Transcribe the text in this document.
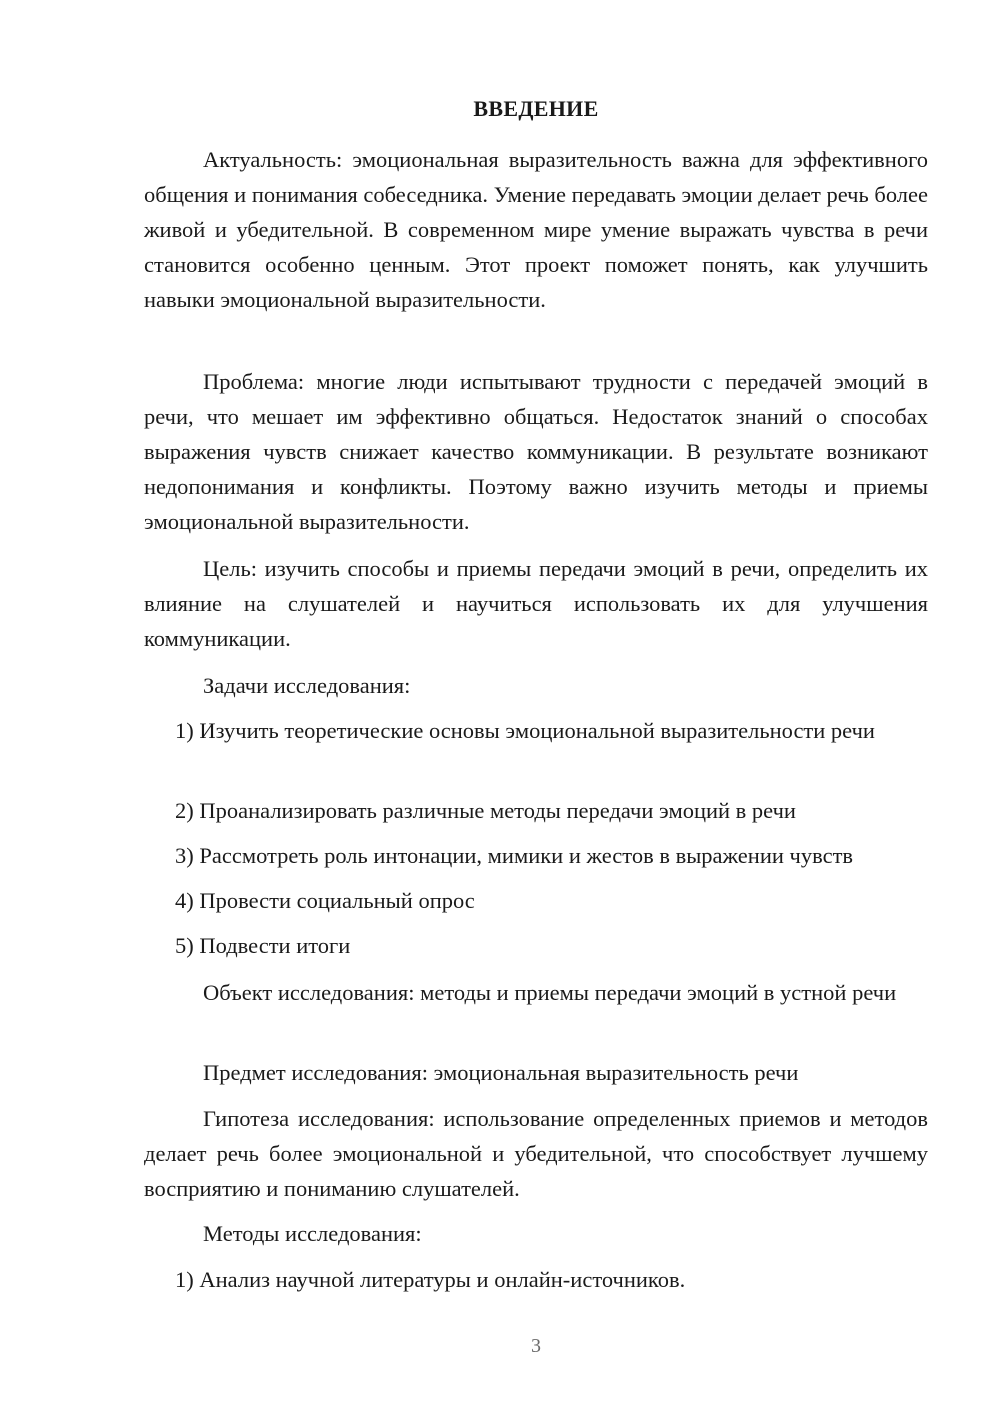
ВВЕДЕНИЕ

Актуальность: эмоциональная выразительность важна для эффективного общения и понимания собеседника. Умение передавать эмоции делает речь более живой и убедительной. В современном мире умение выражать чувства в речи становится особенно ценным. Этот проект поможет понять, как улучшить навыки эмоциональной выразительности.

Проблема: многие люди испытывают трудности с передачей эмоций в речи, что мешает им эффективно общаться. Недостаток знаний о способах выражения чувств снижает качество коммуникации. В результате возникают недопонимания и конфликты. Поэтому важно изучить методы и приемы эмоциональной выразительности.

Цель: изучить способы и приемы передачи эмоций в речи, определить их влияние на слушателей и научиться использовать их для улучшения коммуникации.

Задачи исследования:

1) Изучить теоретические основы эмоциональной выразительности речи

2) Проанализировать различные методы передачи эмоций в речи

3) Рассмотреть роль интонации, мимики и жестов в выражении чувств

4) Провести социальный опрос

5) Подвести итоги

Объект исследования: методы и приемы передачи эмоций в устной речи

Предмет исследования: эмоциональная выразительность речи

Гипотеза исследования: использование определенных приемов и методов делает речь более эмоциональной и убедительной, что способствует лучшему восприятию и пониманию слушателей.

Методы исследования:

1) Анализ научной литературы и онлайн-источников.

3
